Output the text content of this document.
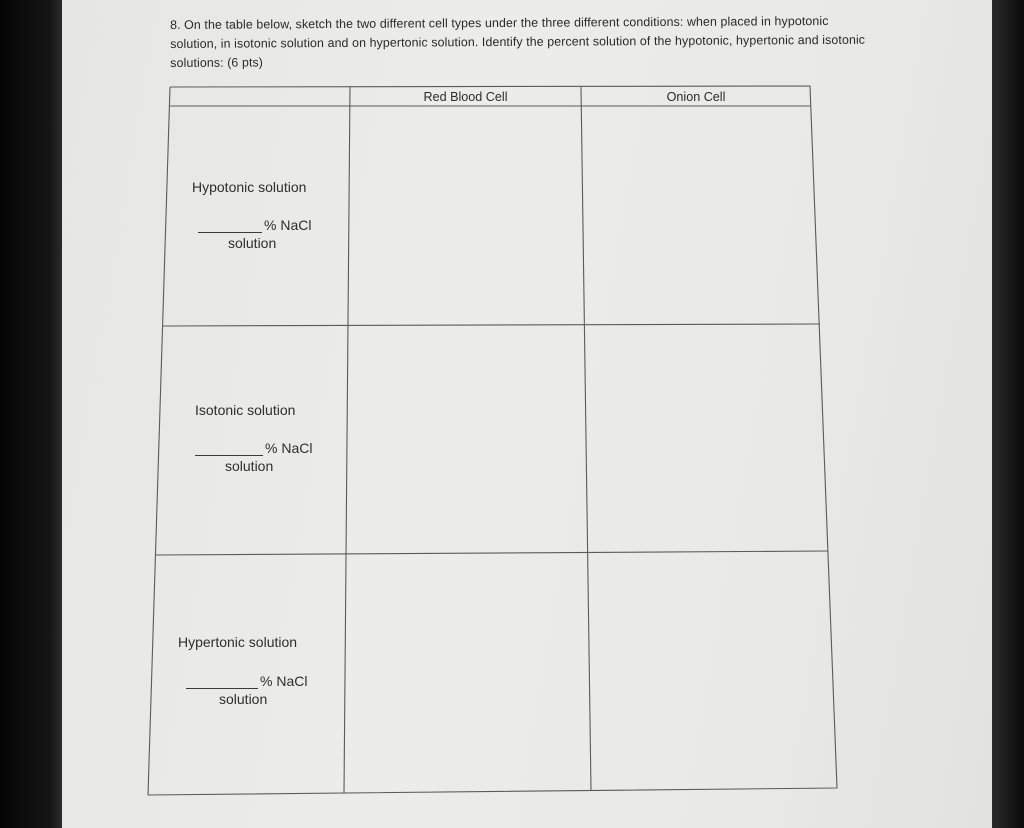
8. On the table below, sketch the two different cell types under the three different conditions: when placed in hypotonic solution, in isotonic solution and on hypertonic solution. Identify the percent solution of the hypotonic, hypertonic and isotonic solutions: (6 pts)
Red Blood Cell	Onion Cell
Hypotonic solution
% NaCl
solution
Isotonic solution
% NaCl
solution
Hypertonic solution
% NaCl
solution
